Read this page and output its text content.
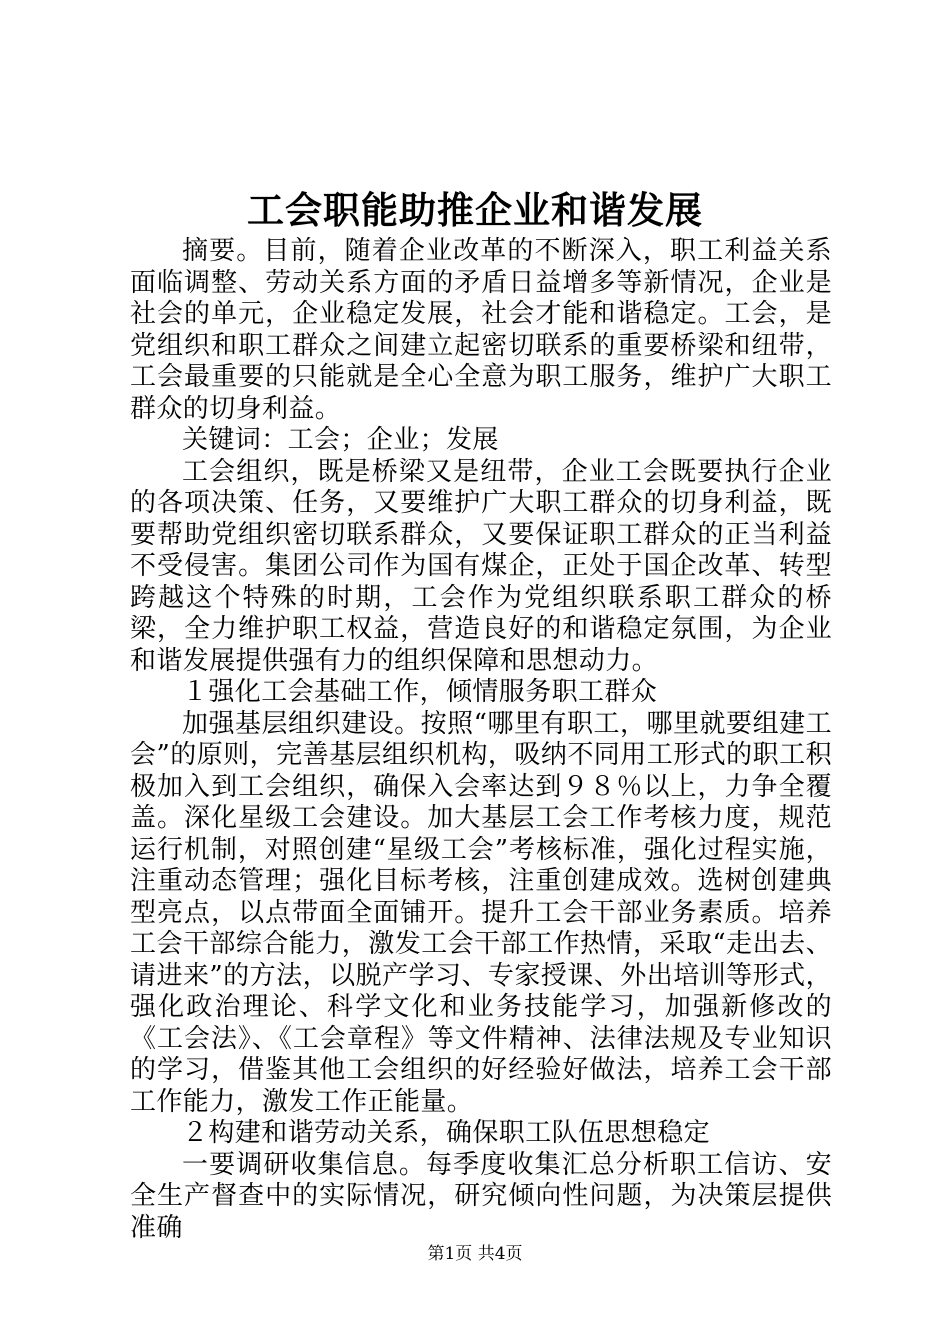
工会职能助推企业和谐发展

摘要。目前，随着企业改革的不断深入，职工利益关系面临调整、劳动关系方面的矛盾日益增多等新情况，企业是社会的单元，企业稳定发展，社会才能和谐稳定。工会，是党组织和职工群众之间建立起密切联系的重要桥梁和纽带，工会最重要的只能就是全心全意为职工服务，维护广大职工群众的切身利益。

关键词：工会；企业；发展

工会组织，既是桥梁又是纽带，企业工会既要执行企业的各项决策、任务，又要维护广大职工群众的切身利益，既要帮助党组织密切联系群众，又要保证职工群众的正当利益不受侵害。集团公司作为国有煤企，正处于国企改革、转型跨越这个特殊的时期，工会作为党组织联系职工群众的桥梁，全力维护职工权益，营造良好的和谐稳定氛围，为企业和谐发展提供强有力的组织保障和思想动力。

１强化工会基础工作，倾情服务职工群众

加强基层组织建设。按照“哪里有职工，哪里就要组建工会”的原则，完善基层组织机构，吸纳不同用工形式的职工积极加入到工会组织，确保入会率达到９８％以上，力争全覆盖。深化星级工会建设。加大基层工会工作考核力度，规范运行机制，对照创建“星级工会”考核标准，强化过程实施，注重动态管理；强化目标考核，注重创建成效。选树创建典型亮点，以点带面全面铺开。提升工会干部业务素质。培养工会干部综合能力，激发工会干部工作热情，采取“走出去、请进来”的方法，以脱产学习、专家授课、外出培训等形式，强化政治理论、科学文化和业务技能学习，加强新修改的《工会法》、《工会章程》等文件精神、法律法规及专业知识的学习，借鉴其他工会组织的好经验好做法，培养工会干部工作能力，激发工作正能量。

２构建和谐劳动关系，确保职工队伍思想稳定

一要调研收集信息。每季度收集汇总分析职工信访、安全生产督查中的实际情况，研究倾向性问题，为决策层提供准确

第1页 共4页
